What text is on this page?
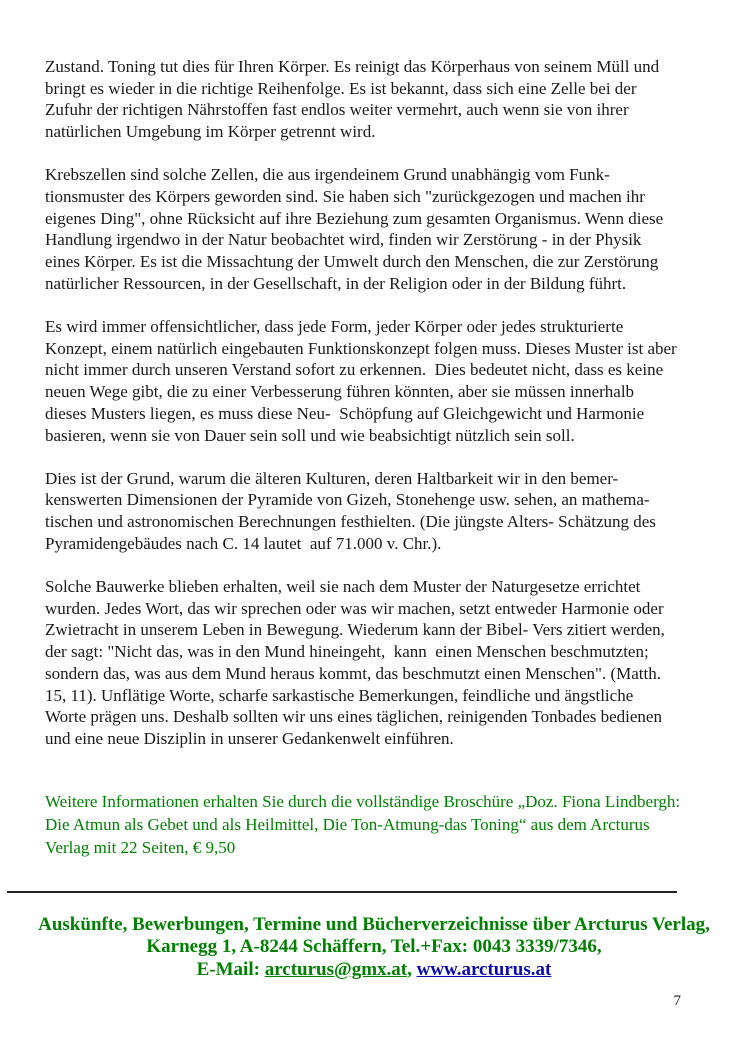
Zustand. Toning tut dies für Ihren Körper. Es reinigt das Körperhaus von seinem Müll und
bringt es wieder in die richtige Reihenfolge. Es ist bekannt, dass sich eine Zelle bei der
Zufuhr der richtigen Nährstoffen fast endlos weiter vermehrt, auch wenn sie von ihrer
natürlichen Umgebung im Körper getrennt wird.

Krebszellen sind solche Zellen, die aus irgendeinem Grund unabhängig vom Funk-
tionsmuster des Körpers geworden sind. Sie haben sich "zurückgezogen und machen ihr
eigenes Ding", ohne Rücksicht auf ihre Beziehung zum gesamten Organismus. Wenn diese
Handlung irgendwo in der Natur beobachtet wird, finden wir Zerstörung - in der Physik
eines Körper. Es ist die Missachtung der Umwelt durch den Menschen, die zur Zerstörung
natürlicher Ressourcen, in der Gesellschaft, in der Religion oder in der Bildung führt.

Es wird immer offensichtlicher, dass jede Form, jeder Körper oder jedes strukturierte
Konzept, einem natürlich eingebauten Funktionskonzept folgen muss. Dieses Muster ist aber
nicht immer durch unseren Verstand sofort zu erkennen.  Dies bedeutet nicht, dass es keine
neuen Wege gibt, die zu einer Verbesserung führen könnten, aber sie müssen innerhalb
dieses Musters liegen, es muss diese Neu-  Schöpfung auf Gleichgewicht und Harmonie
basieren, wenn sie von Dauer sein soll und wie beabsichtigt nützlich sein soll.

Dies ist der Grund, warum die älteren Kulturen, deren Haltbarkeit wir in den bemer-
kenswerten Dimensionen der Pyramide von Gizeh, Stonehenge usw. sehen, an mathema-
tischen und astronomischen Berechnungen festhielten. (Die jüngste Alters- Schätzung des
Pyramidengebäudes nach C. 14 lautet  auf 71.000 v. Chr.).

Solche Bauwerke blieben erhalten, weil sie nach dem Muster der Naturgesetze errichtet
wurden. Jedes Wort, das wir sprechen oder was wir machen, setzt entweder Harmonie oder
Zwietracht in unserem Leben in Bewegung. Wiederum kann der Bibel- Vers zitiert werden,
der sagt: "Nicht das, was in den Mund hineingeht,  kann  einen Menschen beschmutzten;
sondern das, was aus dem Mund heraus kommt, das beschmutzt einen Menschen". (Matth.
15, 11). Unflätige Worte, scharfe sarkastische Bemerkungen, feindliche und ängstliche
Worte prägen uns. Deshalb sollten wir uns eines täglichen, reinigenden Tonbades bedienen
und eine neue Disziplin in unserer Gedankenwelt einführen.

Weitere Informationen erhalten Sie durch die vollständige Broschüre „Doz. Fiona Lindbergh:
Die Atmun als Gebet und als Heilmittel, Die Ton-Atmung-das Toning“ aus dem Arcturus
Verlag mit 22 Seiten, € 9,50

Auskünfte, Bewerbungen, Termine und Bücherverzeichnisse über Arcturus Verlag,
Karnegg 1, A-8244 Schäffern, Tel.+Fax: 0043 3339/7346,
E-Mail: arcturus@gmx.at, www.arcturus.at
7
